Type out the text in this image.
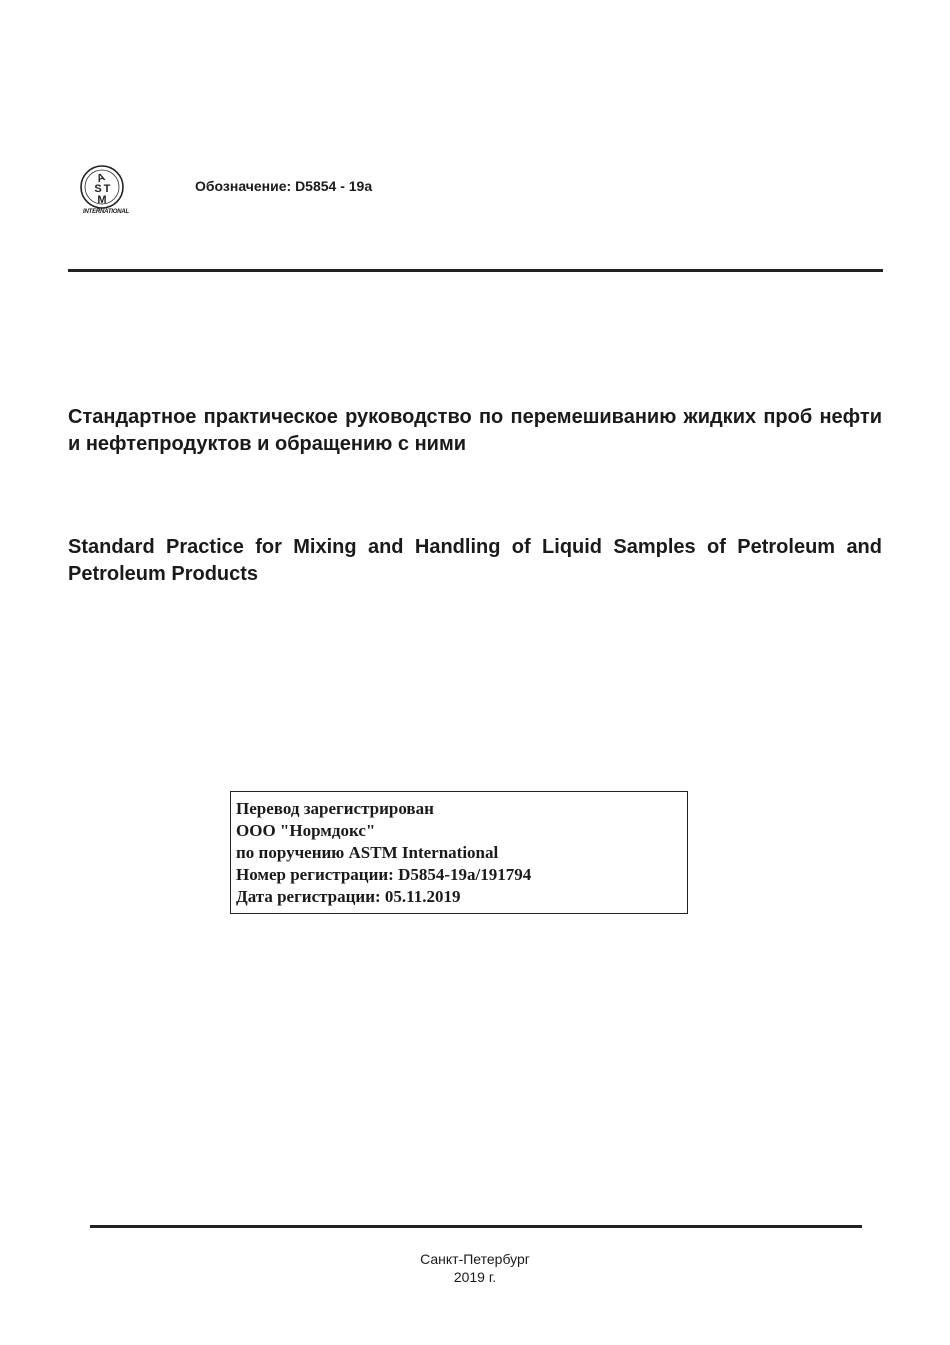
A
S T
M
INTERNATIONAL
Обозначение: D5854 - 19a
Стандартное практическое руководство по перемешиванию жидких проб нефти и нефтепродуктов и обращению с ними
Standard Practice for Mixing and Handling of Liquid Samples of Petroleum and Petroleum Products
Перевод зарегистрирован
ООО "Нормдокс"
по поручению ASTM International
Номер регистрации: D5854-19a/191794
Дата регистрации: 05.11.2019
Санкт-Петербург
2019 г.
